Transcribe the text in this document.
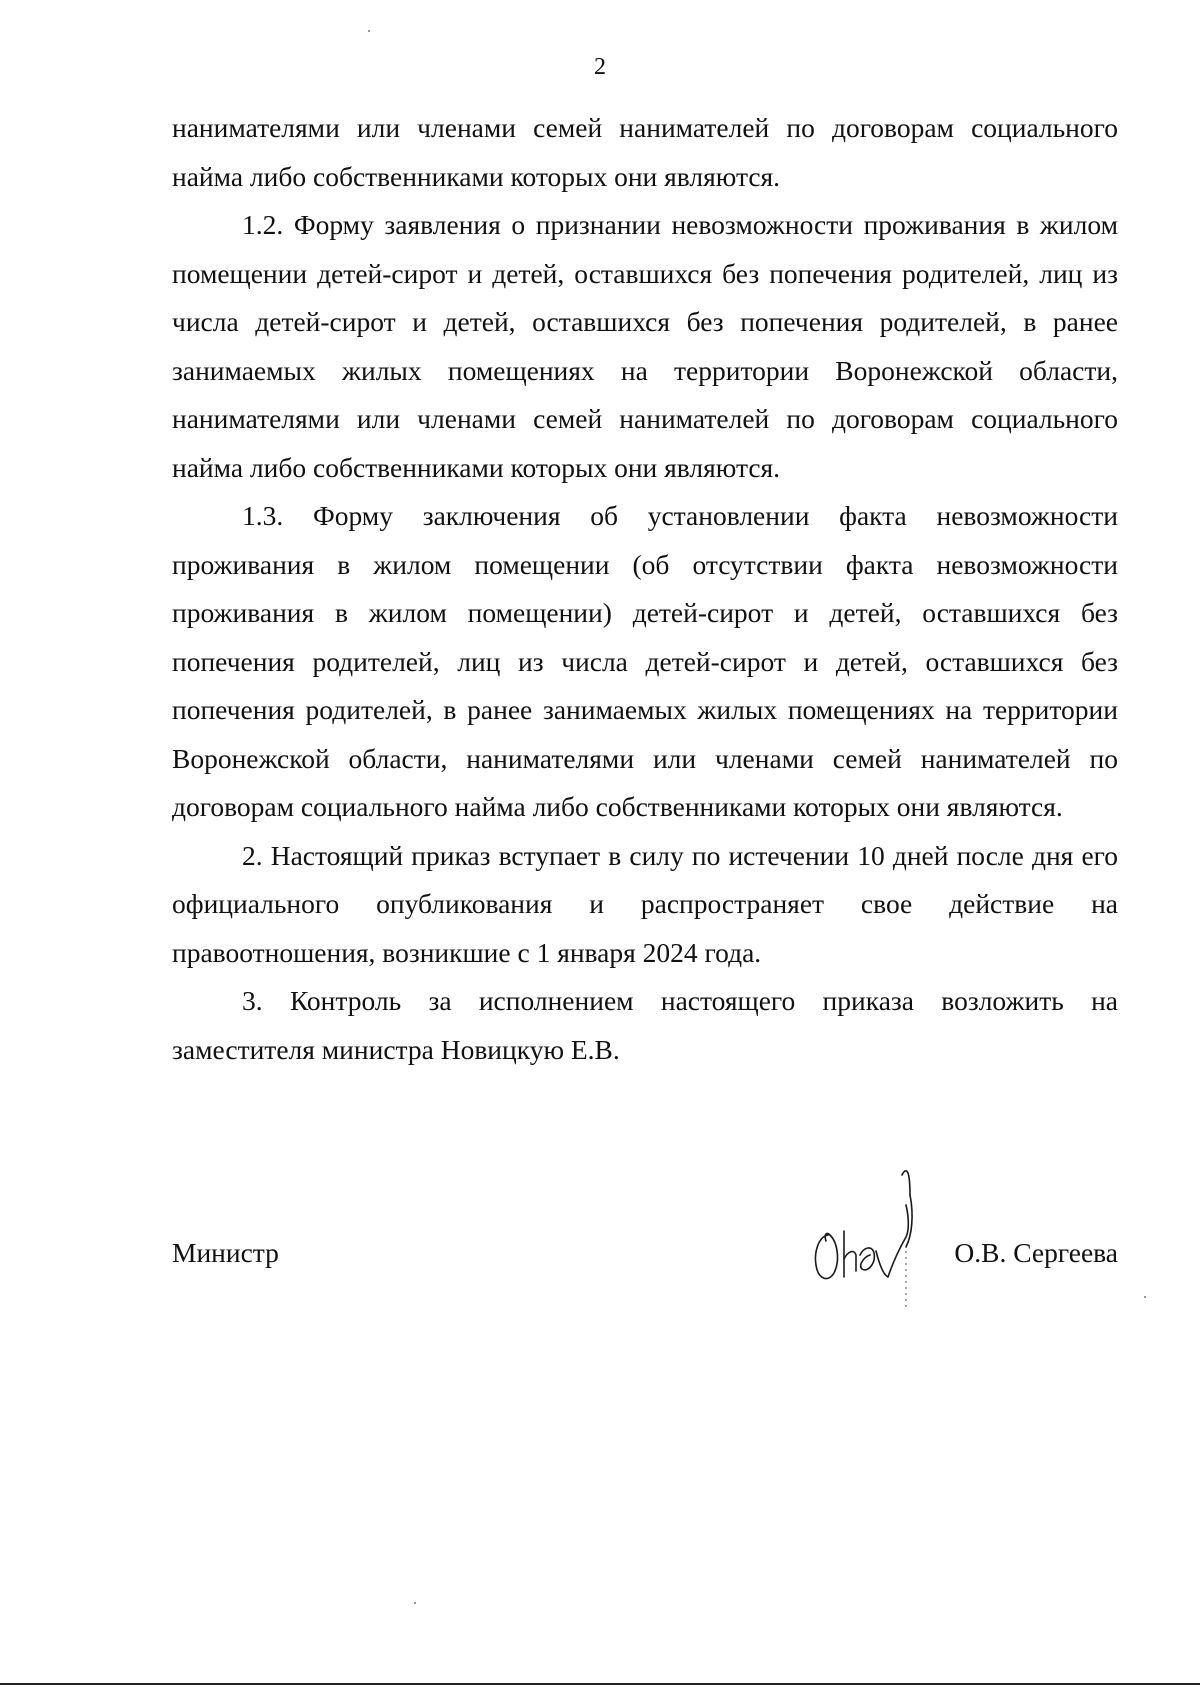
2

нанимателями или членами семей нанимателей по договорам социального найма либо собственниками которых они являются.

1.2. Форму заявления о признании невозможности проживания в жилом помещении детей-сирот и детей, оставшихся без попечения родителей, лиц из числа детей-сирот и детей, оставшихся без попечения родителей, в ранее занимаемых жилых помещениях на территории Воронежской области, нанимателями или членами семей нанимателей по договорам социального найма либо собственниками которых они являются.

1.3. Форму заключения об установлении факта невозможности проживания в жилом помещении (об отсутствии факта невозможности проживания в жилом помещении) детей-сирот и детей, оставшихся без попечения родителей, лиц из числа детей-сирот и детей, оставшихся без попечения родителей, в ранее занимаемых жилых помещениях на территории Воронежской области, нанимателями или членами семей нанимателей по договорам социального найма либо собственниками которых они являются.

2. Настоящий приказ вступает в силу по истечении 10 дней после дня его официального опубликования и распространяет свое действие на правоотношения, возникшие с 1 января 2024 года.

3. Контроль за исполнением настоящего приказа возложить на заместителя министра Новицкую Е.В.

Министр	О.В. Сергеева
